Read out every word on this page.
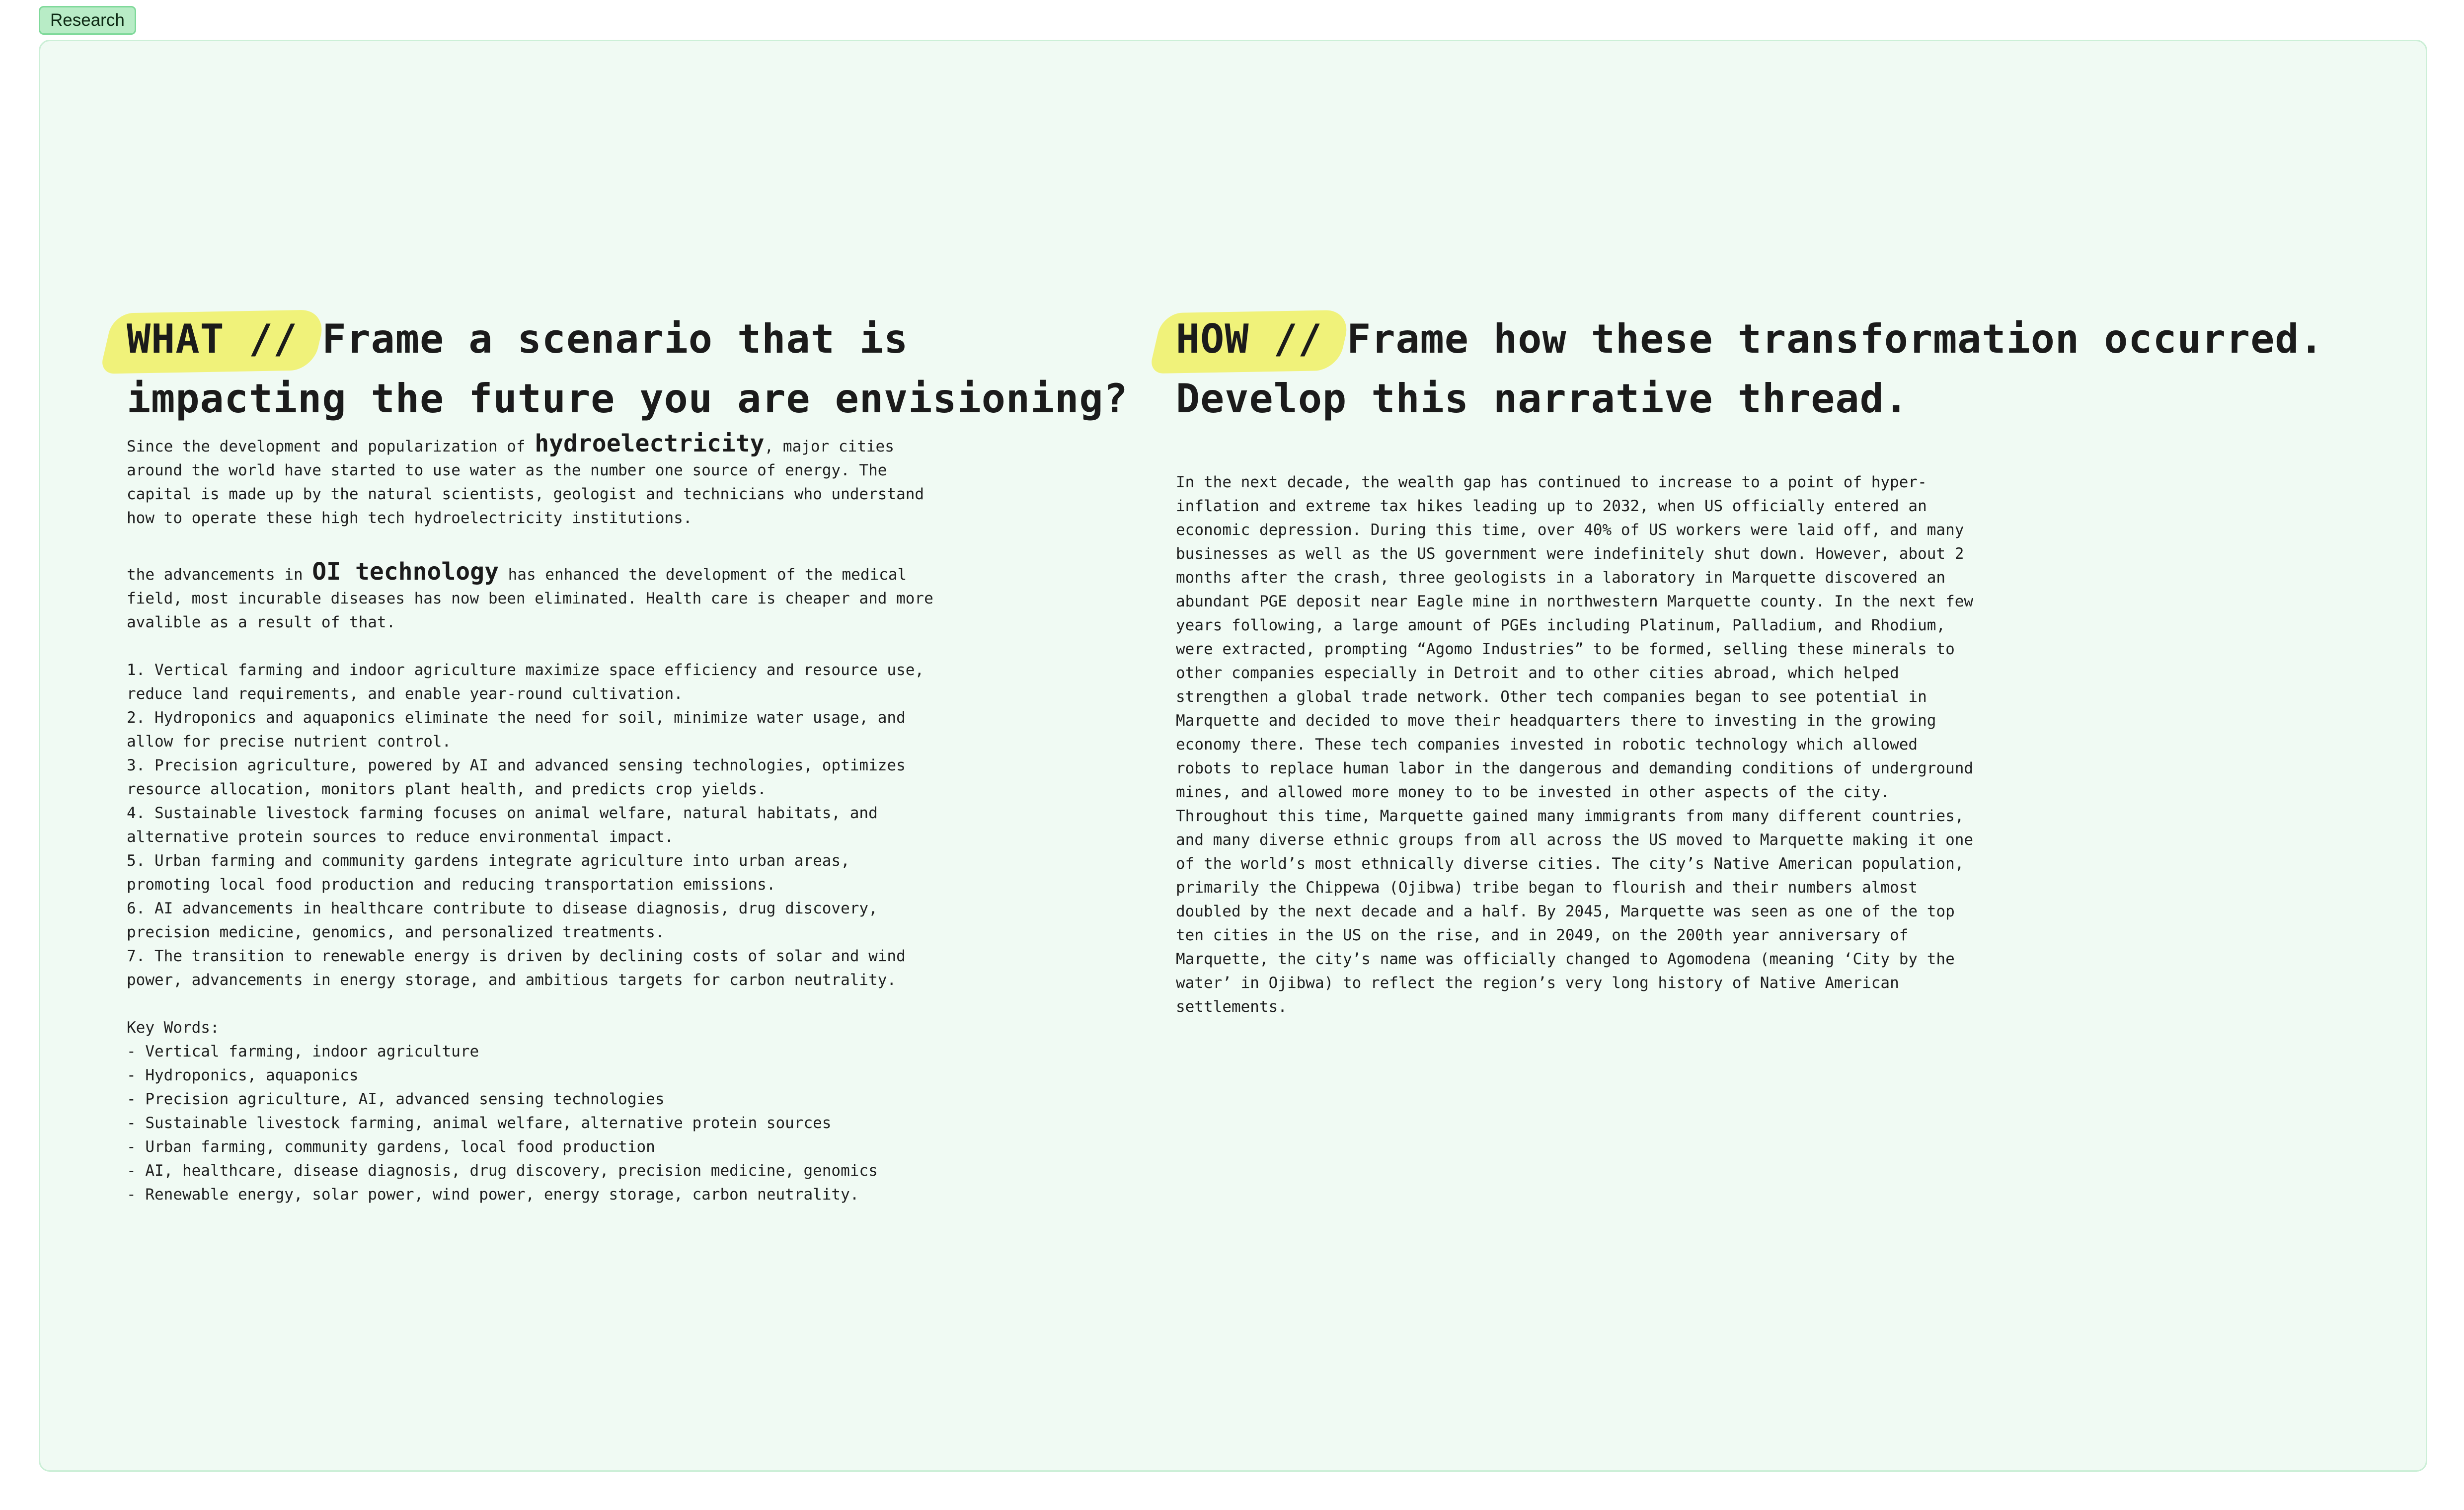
Research
WHAT // Frame a scenario that is
impacting the future you are envisioning?

Since the development and popularization of hydroelectricity, major cities
around the world have started to use water as the number one source of energy. The
capital is made up by the natural scientists, geologist and technicians who understand
how to operate these high tech hydroelectricity institutions.

the advancements in OI technology has enhanced the development of the medical
field, most incurable diseases has now been eliminated. Health care is cheaper and more
avalible as a result of that.

1. Vertical farming and indoor agriculture maximize space efficiency and resource use,
reduce land requirements, and enable year-round cultivation.
2. Hydroponics and aquaponics eliminate the need for soil, minimize water usage, and
allow for precise nutrient control.
3. Precision agriculture, powered by AI and advanced sensing technologies, optimizes
resource allocation, monitors plant health, and predicts crop yields.
4. Sustainable livestock farming focuses on animal welfare, natural habitats, and
alternative protein sources to reduce environmental impact.
5. Urban farming and community gardens integrate agriculture into urban areas,
promoting local food production and reducing transportation emissions.
6. AI advancements in healthcare contribute to disease diagnosis, drug discovery,
precision medicine, genomics, and personalized treatments.
7. The transition to renewable energy is driven by declining costs of solar and wind
power, advancements in energy storage, and ambitious targets for carbon neutrality.

Key Words:

- Vertical farming, indoor agriculture
- Hydroponics, aquaponics
- Precision agriculture, AI, advanced sensing technologies
- Sustainable livestock farming, animal welfare, alternative protein sources
- Urban farming, community gardens, local food production
- AI, healthcare, disease diagnosis, drug discovery, precision medicine, genomics
- Renewable energy, solar power, wind power, energy storage, carbon neutrality.
HOW // Frame how these transformation occurred.
Develop this narrative thread.

In the next decade, the wealth gap has continued to increase to a point of hyper-
inflation and extreme tax hikes leading up to 2032, when US officially entered an
economic depression. During this time, over 40% of US workers were laid off, and many
businesses as well as the US government were indefinitely shut down. However, about 2
months after the crash, three geologists in a laboratory in Marquette discovered an
abundant PGE deposit near Eagle mine in northwestern Marquette county. In the next few
years following, a large amount of PGEs including Platinum, Palladium, and Rhodium,
were extracted, prompting “Agomo Industries” to be formed, selling these minerals to
other companies especially in Detroit and to other cities abroad, which helped
strengthen a global trade network. Other tech companies began to see potential in
Marquette and decided to move their headquarters there to investing in the growing
economy there. These tech companies invested in robotic technology which allowed
robots to replace human labor in the dangerous and demanding conditions of underground
mines, and allowed more money to to be invested in other aspects of the city.
Throughout this time, Marquette gained many immigrants from many different countries,
and many diverse ethnic groups from all across the US moved to Marquette making it one
of the world’s most ethnically diverse cities. The city’s Native American population,
primarily the Chippewa (Ojibwa) tribe began to flourish and their numbers almost
doubled by the next decade and a half. By 2045, Marquette was seen as one of the top
ten cities in the US on the rise, and in 2049, on the 200th year anniversary of
Marquette, the city’s name was officially changed to Agomodena (meaning ‘City by the
water’ in Ojibwa) to reflect the region’s very long history of Native American
settlements.
